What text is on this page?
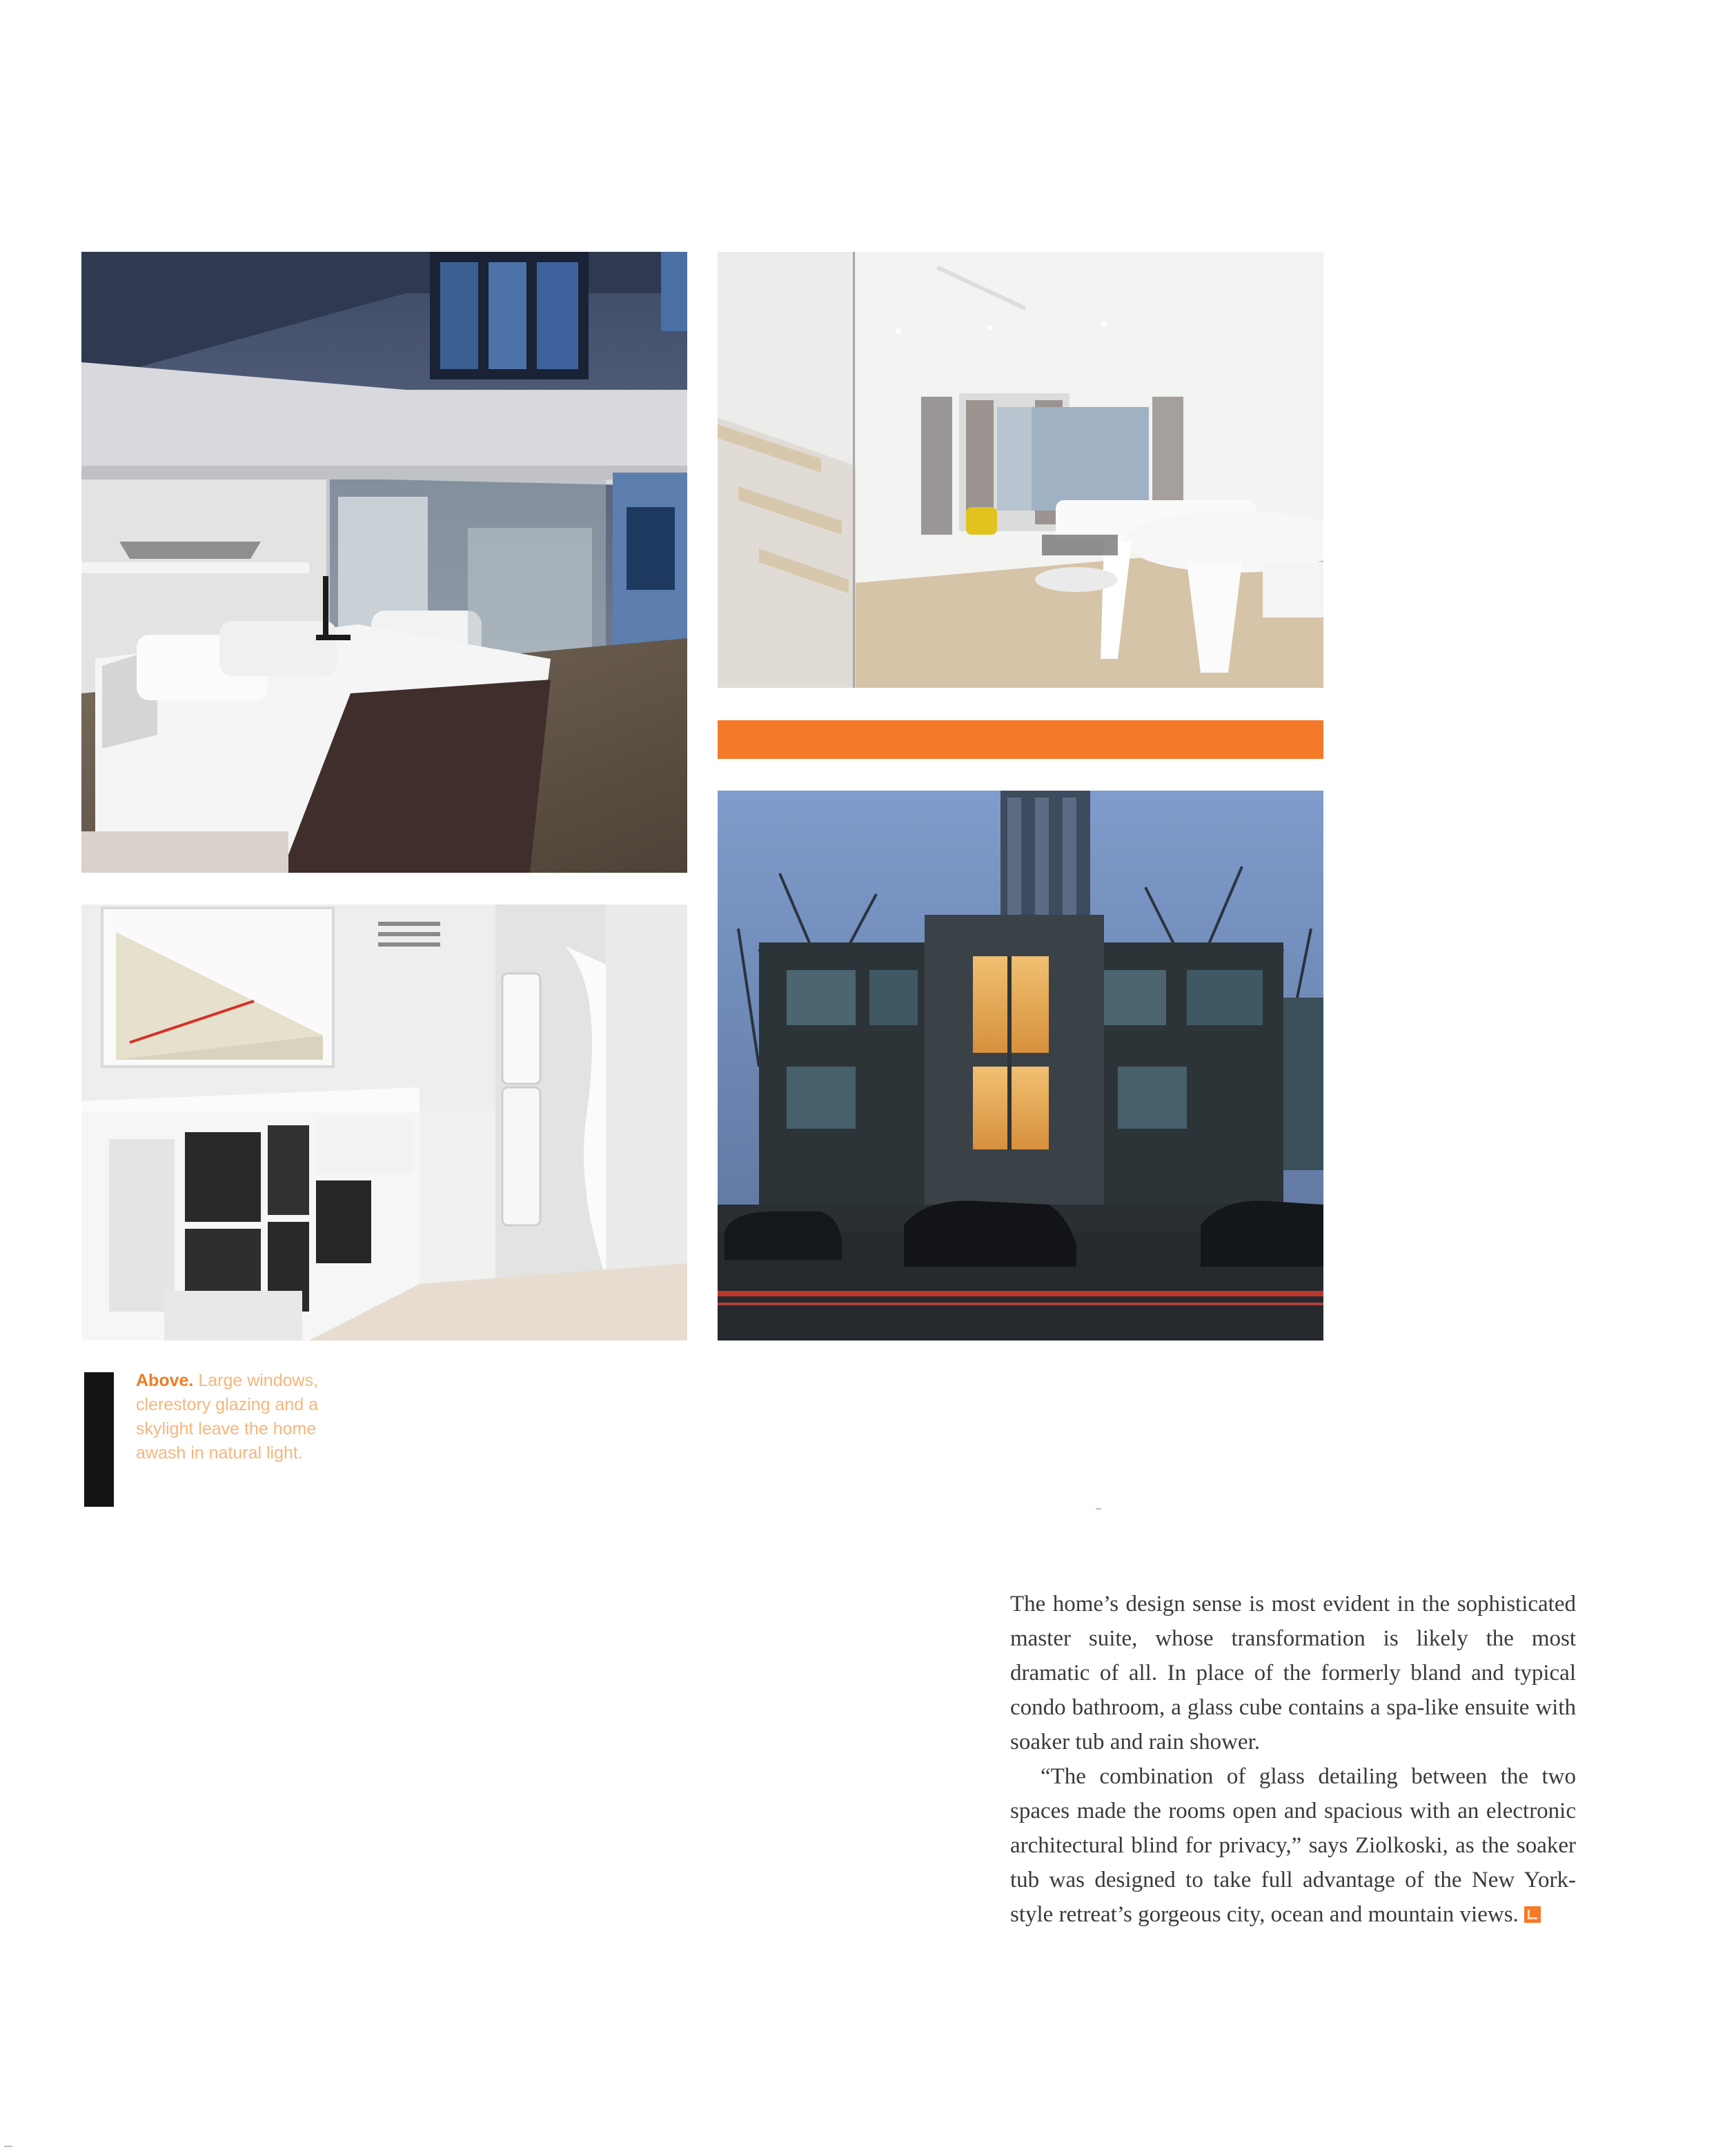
Above. Large windows, clerestory glazing and a skylight leave the home awash in natural light.

The home’s design sense is most evident in the sophisticated master suite, whose transformation is likely the most dramatic of all. In place of the formerly bland and typical condo bathroom, a glass cube contains a spa-like ensuite with soaker tub and rain shower.

“The combination of glass detailing between the two spaces made the rooms open and spacious with an electronic architectural blind for privacy,” says Ziolkoski, as the soaker tub was designed to take full advantage of the New York-style retreat’s gorgeous city, ocean and mountain views.
